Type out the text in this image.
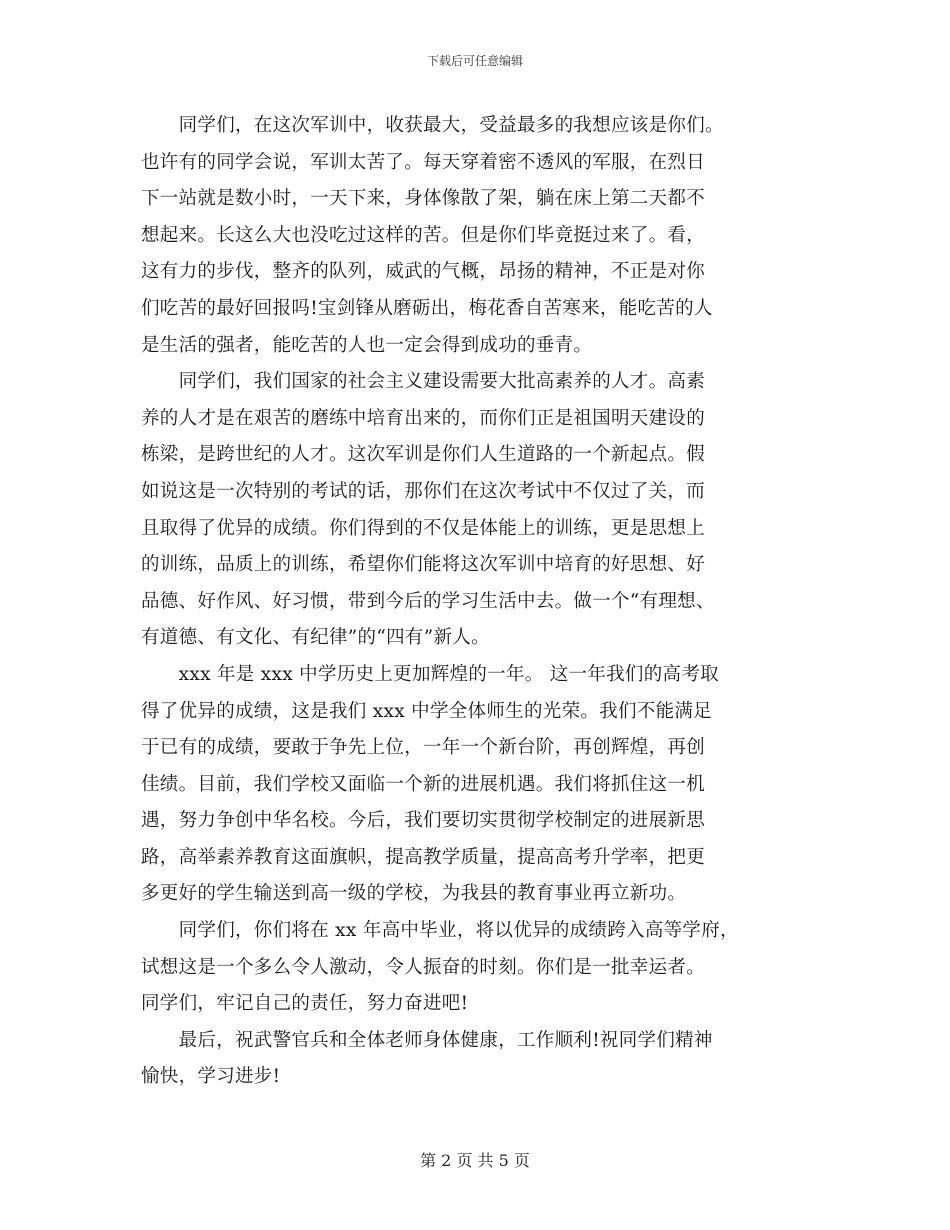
下载后可任意编辑
　　同学们，在这次军训中，收获最大，受益最多的我想应该是你们。
也许有的同学会说，军训太苦了。每天穿着密不透风的军服，在烈日
下一站就是数小时，一天下来，身体像散了架，躺在床上第二天都不
想起来。长这么大也没吃过这样的苦。但是你们毕竟挺过来了。看，
这有力的步伐，整齐的队列，威武的气概，昂扬的精神，不正是对你
们吃苦的最好回报吗!宝剑锋从磨砺出，梅花香自苦寒来，能吃苦的人
是生活的强者，能吃苦的人也一定会得到成功的垂青。
　　同学们，我们国家的社会主义建设需要大批高素养的人才。高素
养的人才是在艰苦的磨练中培育出来的，而你们正是祖国明天建设的
栋梁，是跨世纪的人才。这次军训是你们人生道路的一个新起点。假
如说这是一次特别的考试的话，那你们在这次考试中不仅过了关，而
且取得了优异的成绩。你们得到的不仅是体能上的训练，更是思想上
的训练，品质上的训练，希望你们能将这次军训中培育的好思想、好
品德、好作风、好习惯，带到今后的学习生活中去。做一个“有理想、
有道德、有文化、有纪律”的“四有”新人。
　　xxx 年是 xxx 中学历史上更加辉煌的一年。 这一年我们的高考取
得了优异的成绩，这是我们 xxx 中学全体师生的光荣。我们不能满足
于已有的成绩，要敢于争先上位，一年一个新台阶，再创辉煌，再创
佳绩。目前，我们学校又面临一个新的进展机遇。我们将抓住这一机
遇，努力争创中华名校。今后，我们要切实贯彻学校制定的进展新思
路，高举素养教育这面旗帜，提高教学质量，提高高考升学率，把更
多更好的学生输送到高一级的学校，为我县的教育事业再立新功。
　　同学们，你们将在 xx 年高中毕业，将以优异的成绩跨入高等学府，
试想这是一个多么令人激动，令人振奋的时刻。你们是一批幸运者。
同学们，牢记自己的责任，努力奋进吧!
　　最后，祝武警官兵和全体老师身体健康，工作顺利!祝同学们精神
愉快，学习进步!
第 2 页 共 5 页
